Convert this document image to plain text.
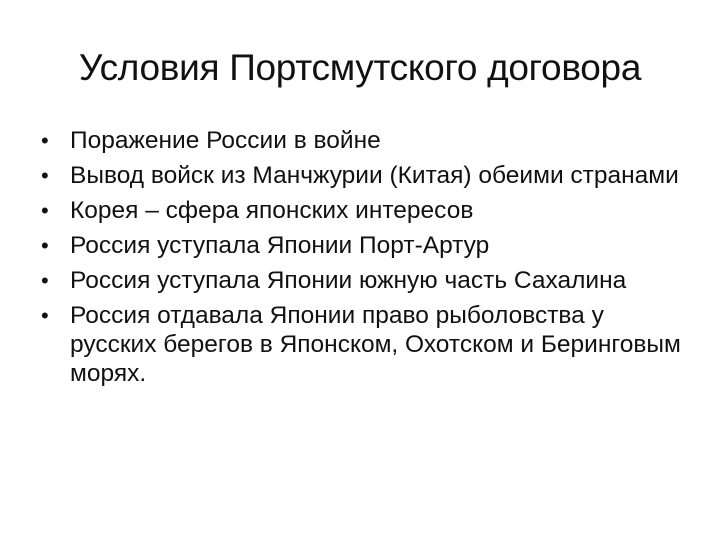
Условия Портсмутского договора
• Поражение России в войне
• Вывод войск из Манчжурии (Китая) обеими странами
• Корея – сфера японских интересов
• Россия уступала Японии Порт-Артур
• Россия уступала Японии южную часть Сахалина
• Россия отдавала Японии право рыболовства у русских берегов в Японском, Охотском и Беринговым морях.
